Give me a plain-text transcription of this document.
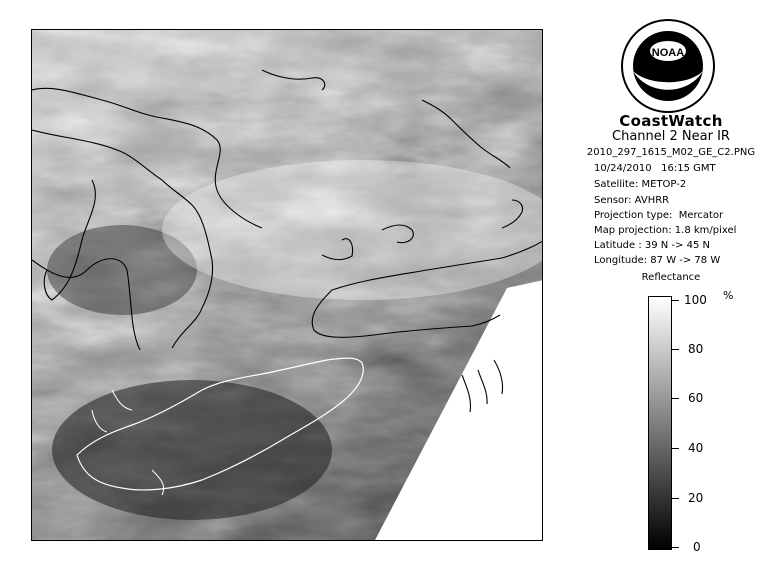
NOAA
CoastWatch
Channel 2 Near IR
2010_297_1615_M02_GE_C2.PNG
10/24/2010   16:15 GMT
Satellite: METOP-2
Sensor: AVHRR
Projection type:  Mercator
Map projection: 1.8 km/pixel
Latitude : 39 N -> 45 N
Longitude: 87 W -> 78 W
Reflectance
%
100
80
60
40
20
0
